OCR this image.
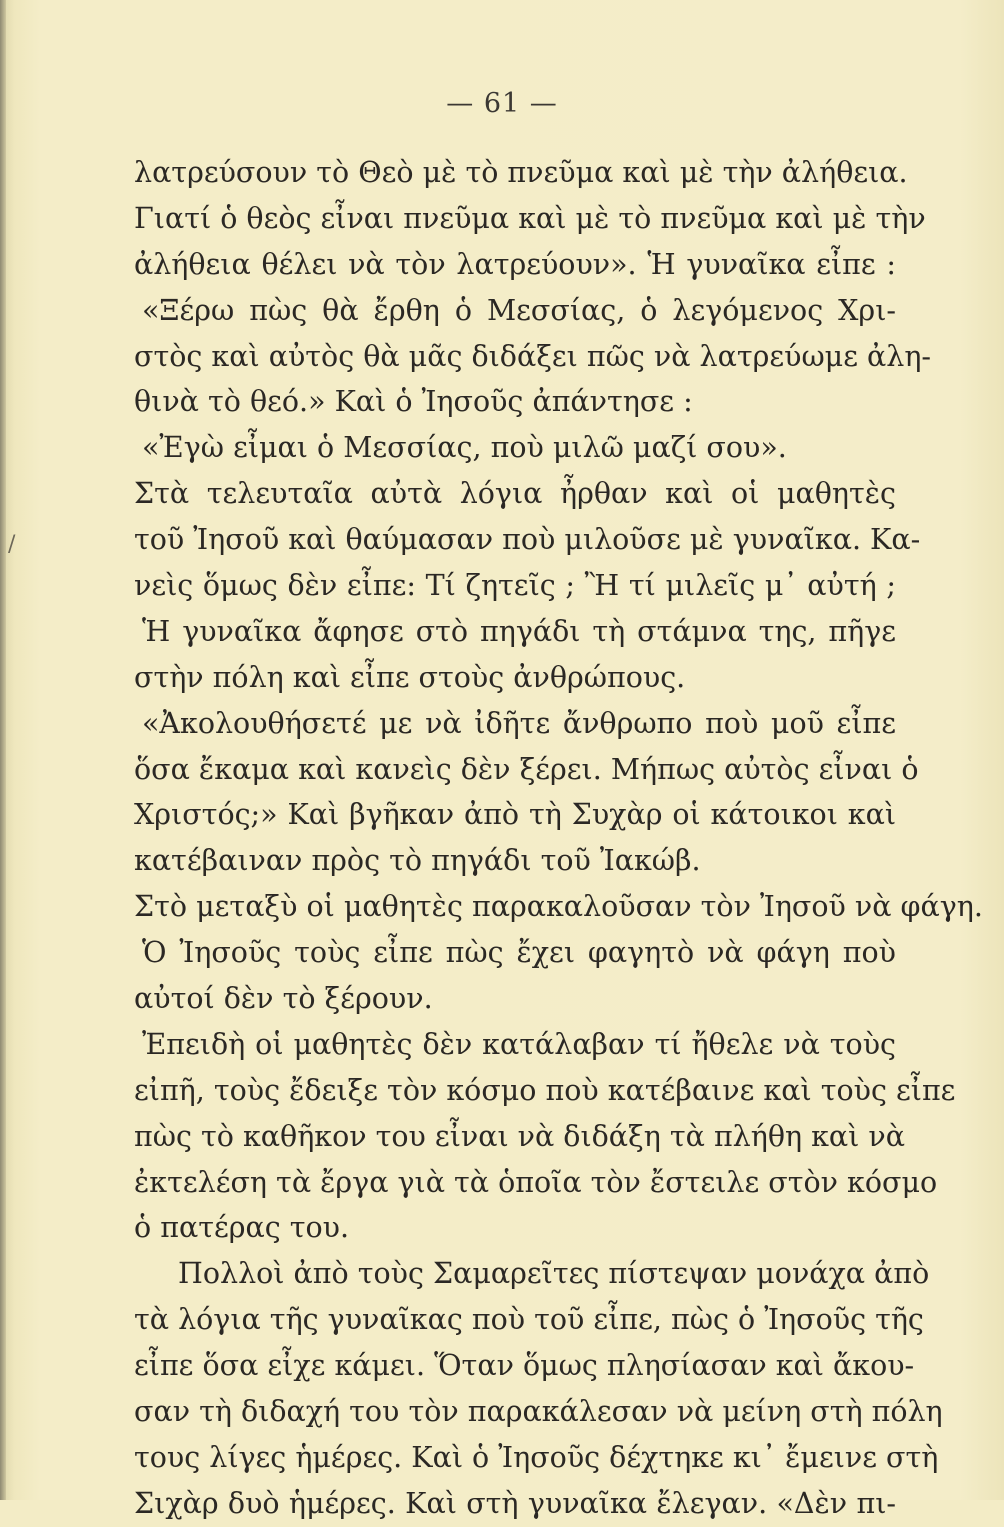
/
— 61 —
λατρεύσουν τὸ Θεὸ μὲ τὸ πνεῦμα καὶ μὲ τὴν ἀλήθεια.
Γιατί ὁ θεὸς εἶναι πνεῦμα καὶ μὲ τὸ πνεῦμα καὶ μὲ τὴν
ἀλήθεια θέλει νὰ τὸν λατρεύουν». Ἡ γυναῖκα εἶπε :
«Ξέρω πὼς θὰ ἔρθη ὁ Μεσσίας, ὁ λεγόμενος Χρι-
στὸς καὶ αὐτὸς θὰ μᾶς διδάξει πῶς νὰ λατρεύωμε ἀλη-
θινὰ τὸ θεό.» Καὶ ὁ Ἰησοῦς ἀπάντησε :
«Ἐγὼ εἶμαι ὁ Μεσσίας, ποὺ μιλῶ μαζί σου».
Στὰ τελευταῖα αὐτὰ λόγια ἦρθαν καὶ οἱ μαθητὲς
τοῦ Ἰησοῦ καὶ θαύμασαν ποὺ μιλοῦσε μὲ γυναῖκα. Κα-
νεὶς ὅμως δὲν εἶπε: Τί ζητεῖς ; Ἢ τί μιλεῖς μ᾽ αὐτή ;
Ἡ γυναῖκα ἄφησε στὸ πηγάδι τὴ στάμνα της, πῆγε
στὴν πόλη καὶ εἶπε στοὺς ἀνθρώπους.
«Ἀκολουθήσετέ με νὰ ἰδῆτε ἄνθρωπο ποὺ μοῦ εἶπε
ὅσα ἔκαμα καὶ κανεὶς δὲν ξέρει. Μήπως αὐτὸς εἶναι ὁ
Χριστός;» Καὶ βγῆκαν ἀπὸ τὴ Συχὰρ οἱ κάτοικοι καὶ
κατέβαιναν πρὸς τὸ πηγάδι τοῦ Ἰακώβ.
Στὸ μεταξὺ οἱ μαθητὲς παρακαλοῦσαν τὸν Ἰησοῦ νὰ φάγη.
Ὁ Ἰησοῦς τοὺς εἶπε πὼς ἔχει φαγητὸ νὰ φάγη ποὺ
αὐτοί δὲν τὸ ξέρουν.
Ἐπειδὴ οἱ μαθητὲς δὲν κατάλαβαν τί ἤθελε νὰ τοὺς
εἰπῆ, τοὺς ἔδειξε τὸν κόσμο ποὺ κατέβαινε καὶ τοὺς εἶπε
πὼς τὸ καθῆκον του εἶναι νὰ διδάξη τὰ πλήθη καὶ νὰ
ἐκτελέση τὰ ἔργα γιὰ τὰ ὁποῖα τὸν ἔστειλε στὸν κόσμο
ὁ πατέρας του.
Πολλοὶ ἀπὸ τοὺς Σαμαρεῖτες πίστεψαν μονάχα ἀπὸ
τὰ λόγια τῆς γυναῖκας ποὺ τοῦ εἶπε, πὼς ὁ Ἰησοῦς τῆς
εἶπε ὅσα εἶχε κάμει. Ὅταν ὅμως πλησίασαν καὶ ἄκου-
σαν τὴ διδαχή του τὸν παρακάλεσαν νὰ μείνη στὴ πόλη
τους λίγες ἡμέρες. Καὶ ὁ Ἰησοῦς δέχτηκε κι᾽ ἔμεινε στὴ
Σιχὰρ δυὸ ἡμέρες. Καὶ στὴ γυναῖκα ἔλεγαν. «Δὲν πι-
